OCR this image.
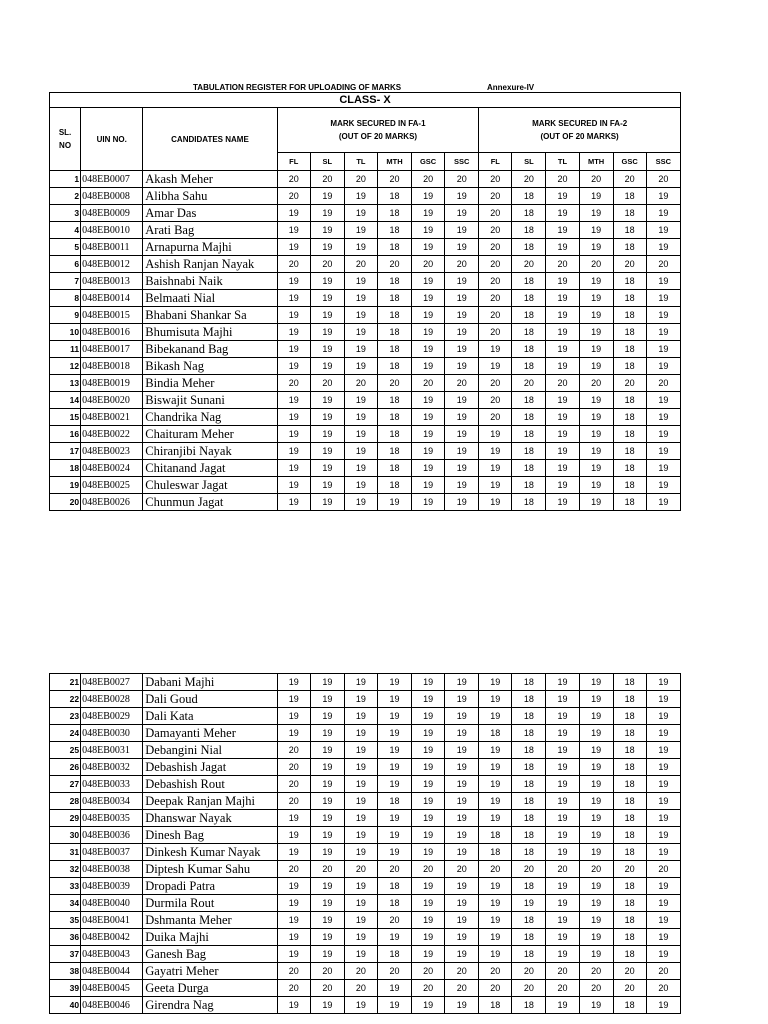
TABULATION REGISTER FOR UPLOADING OF MARKS	Annexure-IV
CLASS- X														
SL.
NO	UIN NO.	CANDIDATES NAME	MARK SECURED IN FA-1
(OUT OF 20 MARKS)						MARK SECURED IN FA-2
(OUT OF 20 MARKS)					
			FL	SL	TL	MTH	GSC	SSC	FL	SL	TL	MTH	GSC	SSC
1	048EB0007	Akash Meher	20	20	20	20	20	20	20	20	20	20	20	20
2	048EB0008	Alibha Sahu	20	19	19	18	19	19	20	18	19	19	18	19
3	048EB0009	Amar Das	19	19	19	18	19	19	20	18	19	19	18	19
4	048EB0010	Arati Bag	19	19	19	18	19	19	20	18	19	19	18	19
5	048EB0011	Arnapurna Majhi	19	19	19	18	19	19	20	18	19	19	18	19
6	048EB0012	Ashish Ranjan Nayak	20	20	20	20	20	20	20	20	20	20	20	20
7	048EB0013	Baishnabi Naik	19	19	19	18	19	19	20	18	19	19	18	19
8	048EB0014	Belmaati Nial	19	19	19	18	19	19	20	18	19	19	18	19
9	048EB0015	Bhabani Shankar Sa	19	19	19	18	19	19	20	18	19	19	18	19
10	048EB0016	Bhumisuta Majhi	19	19	19	18	19	19	20	18	19	19	18	19
11	048EB0017	Bibekanand Bag	19	19	19	18	19	19	19	18	19	19	18	19
12	048EB0018	Bikash Nag	19	19	19	18	19	19	19	18	19	19	18	19
13	048EB0019	Bindia Meher	20	20	20	20	20	20	20	20	20	20	20	20
14	048EB0020	Biswajit Sunani	19	19	19	18	19	19	20	18	19	19	18	19
15	048EB0021	Chandrika Nag	19	19	19	18	19	19	20	18	19	19	18	19
16	048EB0022	Chaituram Meher	19	19	19	18	19	19	19	18	19	19	18	19
17	048EB0023	Chiranjibi Nayak	19	19	19	18	19	19	19	18	19	19	18	19
18	048EB0024	Chitanand Jagat	19	19	19	18	19	19	19	18	19	19	18	19
19	048EB0025	Chuleswar Jagat	19	19	19	18	19	19	19	18	19	19	18	19
20	048EB0026	Chunmun Jagat	19	19	19	19	19	19	19	18	19	19	18	19
21	048EB0027	Dabani Majhi	19	19	19	19	19	19	19	18	19	19	18	19
22	048EB0028	Dali Goud	19	19	19	19	19	19	19	18	19	19	18	19
23	048EB0029	Dali Kata	19	19	19	19	19	19	19	18	19	19	18	19
24	048EB0030	Damayanti Meher	19	19	19	19	19	19	18	18	19	19	18	19
25	048EB0031	Debangini Nial	20	19	19	19	19	19	19	18	19	19	18	19
26	048EB0032	Debashish Jagat	20	19	19	19	19	19	19	18	19	19	18	19
27	048EB0033	Debashish Rout	20	19	19	19	19	19	19	18	19	19	18	19
28	048EB0034	Deepak Ranjan Majhi	20	19	19	18	19	19	19	18	19	19	18	19
29	048EB0035	Dhanswar Nayak	19	19	19	19	19	19	19	18	19	19	18	19
30	048EB0036	Dinesh Bag	19	19	19	19	19	19	18	18	19	19	18	19
31	048EB0037	Dinkesh Kumar Nayak	19	19	19	19	19	19	18	18	19	19	18	19
32	048EB0038	Diptesh Kumar Sahu	20	20	20	20	20	20	20	20	20	20	20	20
33	048EB0039	Dropadi Patra	19	19	19	18	19	19	19	18	19	19	18	19
34	048EB0040	Durmila Rout	19	19	19	18	19	19	19	19	19	19	18	19
35	048EB0041	Dshmanta Meher	19	19	19	20	19	19	19	18	19	19	18	19
36	048EB0042	Duika Majhi	19	19	19	19	19	19	19	18	19	19	18	19
37	048EB0043	Ganesh Bag	19	19	19	18	19	19	19	18	19	19	18	19
38	048EB0044	Gayatri Meher	20	20	20	20	20	20	20	20	20	20	20	20
39	048EB0045	Geeta Durga	20	20	20	19	20	20	20	20	20	20	20	20
40	048EB0046	Girendra Nag	19	19	19	19	19	19	18	18	19	19	18	19
